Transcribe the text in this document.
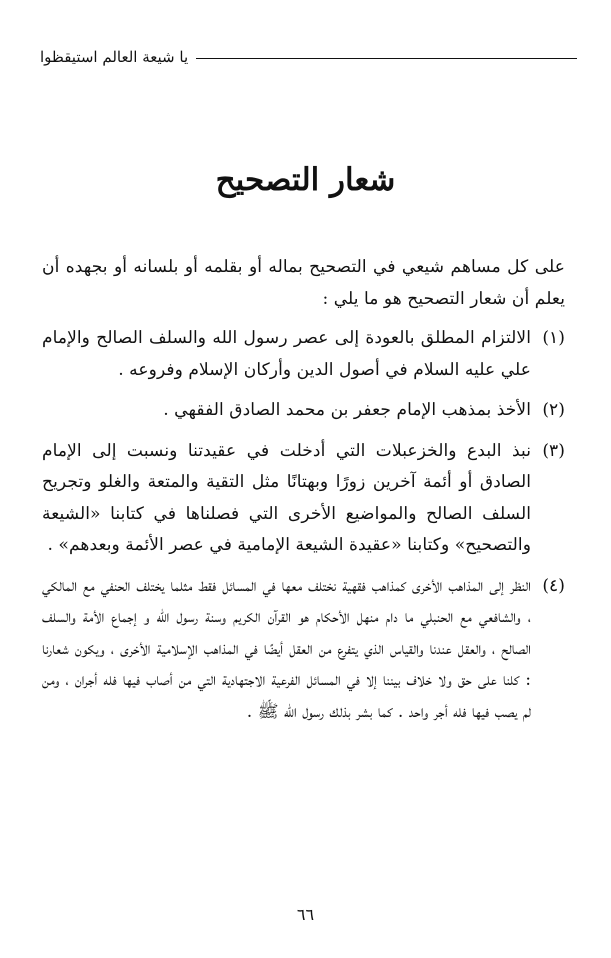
يا شيعة العالم استيقظوا
شعار التصحيح

على كل مساهم شيعي في التصحيح بماله أو بقلمه أو بلسانه أو بجهده أن يعلم أن شعار التصحيح هو ما يلي :

(١)
الالتزام المطلق بالعودة إلى عصر رسول الله والسلف الصالح والإمام علي عليه السلام في أصول الدين وأركان الإسلام وفروعه .
(٢)
الأخذ بمذهب الإمام جعفر بن محمد الصادق الفقهي .
(٣)
نبذ البدع والخزعبلات التي أدخلت في عقيدتنا ونسبت إلى الإمام الصادق أو أئمة آخرين زورًا وبهتانًا مثل التقية والمتعة والغلو وتجريح السلف الصالح والمواضيع الأخرى التي فصلناها في كتابنا «الشيعة والتصحيح» وكتابنا «عقيدة الشيعة الإمامية في عصر الأئمة وبعدهم» .
(٤)
النظر إلى المذاهب الأخرى كمذاهب فقهية نختلف معها في المسائل فقط مثلما يختلف الحنفي مع المالكي ، والشافعي مع الحنبلي ما دام منهل الأحكام هو القرآن الكريم وسنة رسول الله و إجماع الأمة والسلف الصالح ، والعقل عندنا والقياس الذي يتفرع من العقل أيضًا في المذاهب الإسلامية الأخرى ، ويكون شعارنا : كلنا على حق ولا خلاف بيننا إلا في المسائل الفرعية الاجتهادية التي من أصاب فيها فله أجران ، ومن لم يصب فيها فله أجر واحد . كما بشر بذلك رسول الله ﷺ .
٦٦
